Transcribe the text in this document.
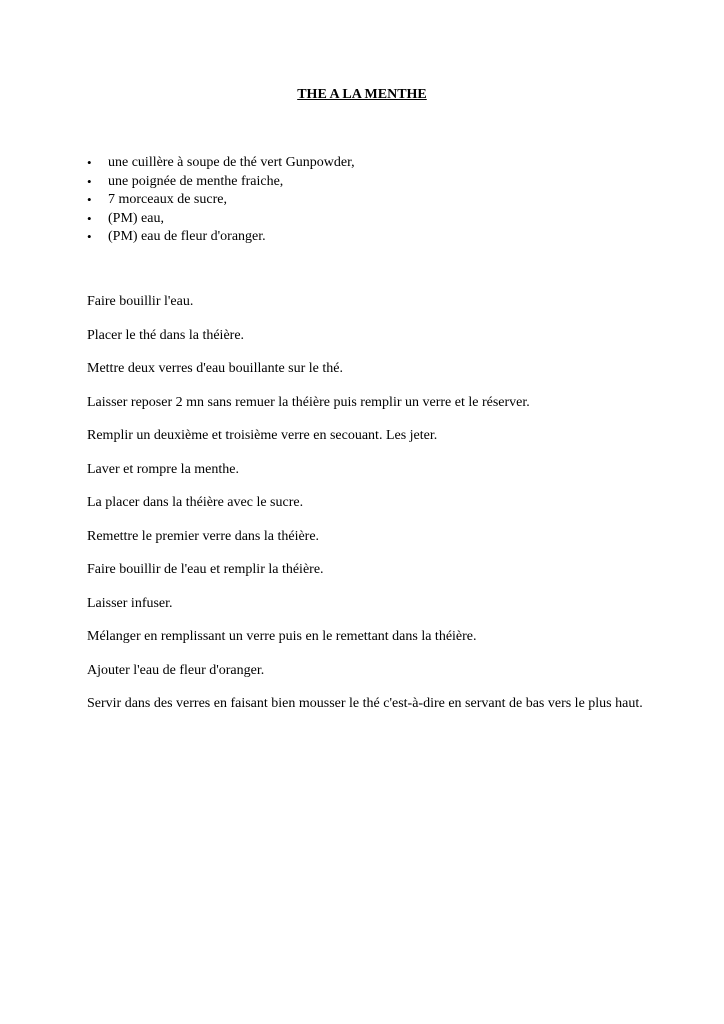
THE A LA MENTHE
• une cuillère à soupe de thé vert Gunpowder,
• une poignée de menthe fraiche,
• 7 morceaux de sucre,
• (PM) eau,
• (PM) eau de fleur d'oranger.

Faire bouillir l'eau.

Placer le thé dans la théière.

Mettre deux verres d'eau bouillante sur le thé.

Laisser reposer 2 mn sans remuer la théière puis remplir un verre et le réserver.

Remplir un deuxième et troisième verre en secouant. Les jeter.

Laver et rompre la menthe.

La placer dans la théière avec le sucre.

Remettre le premier verre dans la théière.

Faire bouillir de l'eau et remplir la théière.

Laisser infuser.

Mélanger en remplissant un verre puis en le remettant dans la théière.

Ajouter l'eau de fleur d'oranger.

Servir dans des verres en faisant bien mousser le thé c'est-à-dire en servant de bas vers le plus haut.
